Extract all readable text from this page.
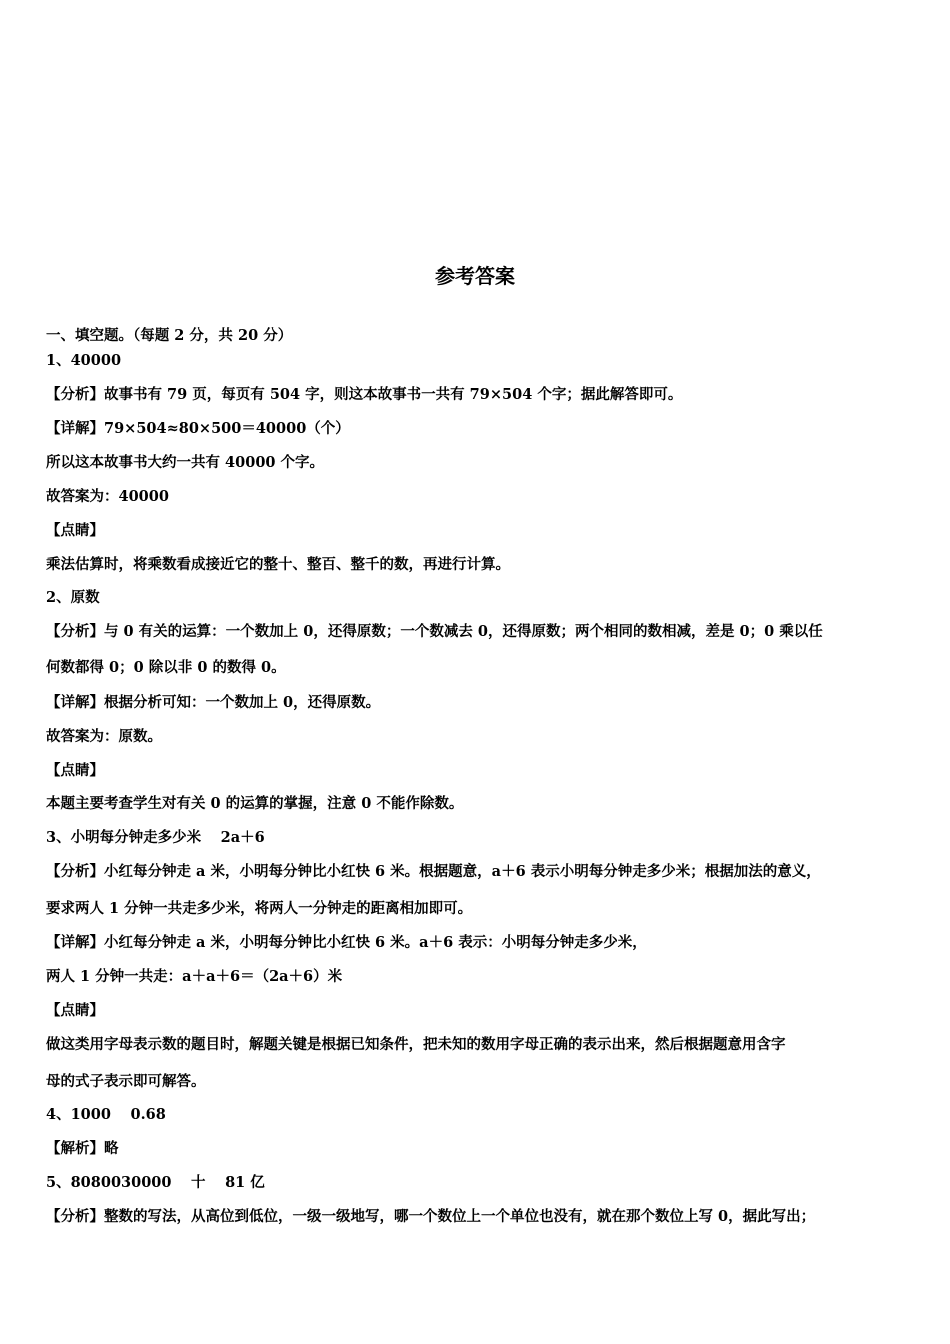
参考答案
一、填空题。（每题 2 分，共 20 分）
1、40000
【分析】故事书有 79 页，每页有 504 字，则这本故事书一共有 79×504 个字；据此解答即可。
【详解】79×504≈80×500＝40000（个）
所以这本故事书大约一共有 40000 个字。
故答案为：40000
【点睛】
乘法估算时，将乘数看成接近它的整十、整百、整千的数，再进行计算。
2、原数
【分析】与 0 有关的运算：一个数加上 0，还得原数；一个数减去 0，还得原数；两个相同的数相减，差是 0；0 乘以任
何数都得 0；0 除以非 0 的数得 0。
【详解】根据分析可知：一个数加上 0，还得原数。
故答案为：原数。
【点睛】
本题主要考查学生对有关 0 的运算的掌握，注意 0 不能作除数。
3、小明每分钟走多少米　 2a＋6
【分析】小红每分钟走 a 米，小明每分钟比小红快 6 米。根据题意，a＋6 表示小明每分钟走多少米；根据加法的意义，
要求两人 1 分钟一共走多少米，将两人一分钟走的距离相加即可。
【详解】小红每分钟走 a 米，小明每分钟比小红快 6 米。a＋6 表示：小明每分钟走多少米，
两人 1 分钟一共走：a＋a＋6＝（2a＋6）米
【点睛】
做这类用字母表示数的题目时，解题关键是根据已知条件，把未知的数用字母正确的表示出来，然后根据题意用含字
母的式子表示即可解答。
4、1000　 0.68
【解析】略
5、8080030000　 十　 81 亿
【分析】整数的写法，从高位到低位，一级一级地写，哪一个数位上一个单位也没有，就在那个数位上写 0，据此写出；
